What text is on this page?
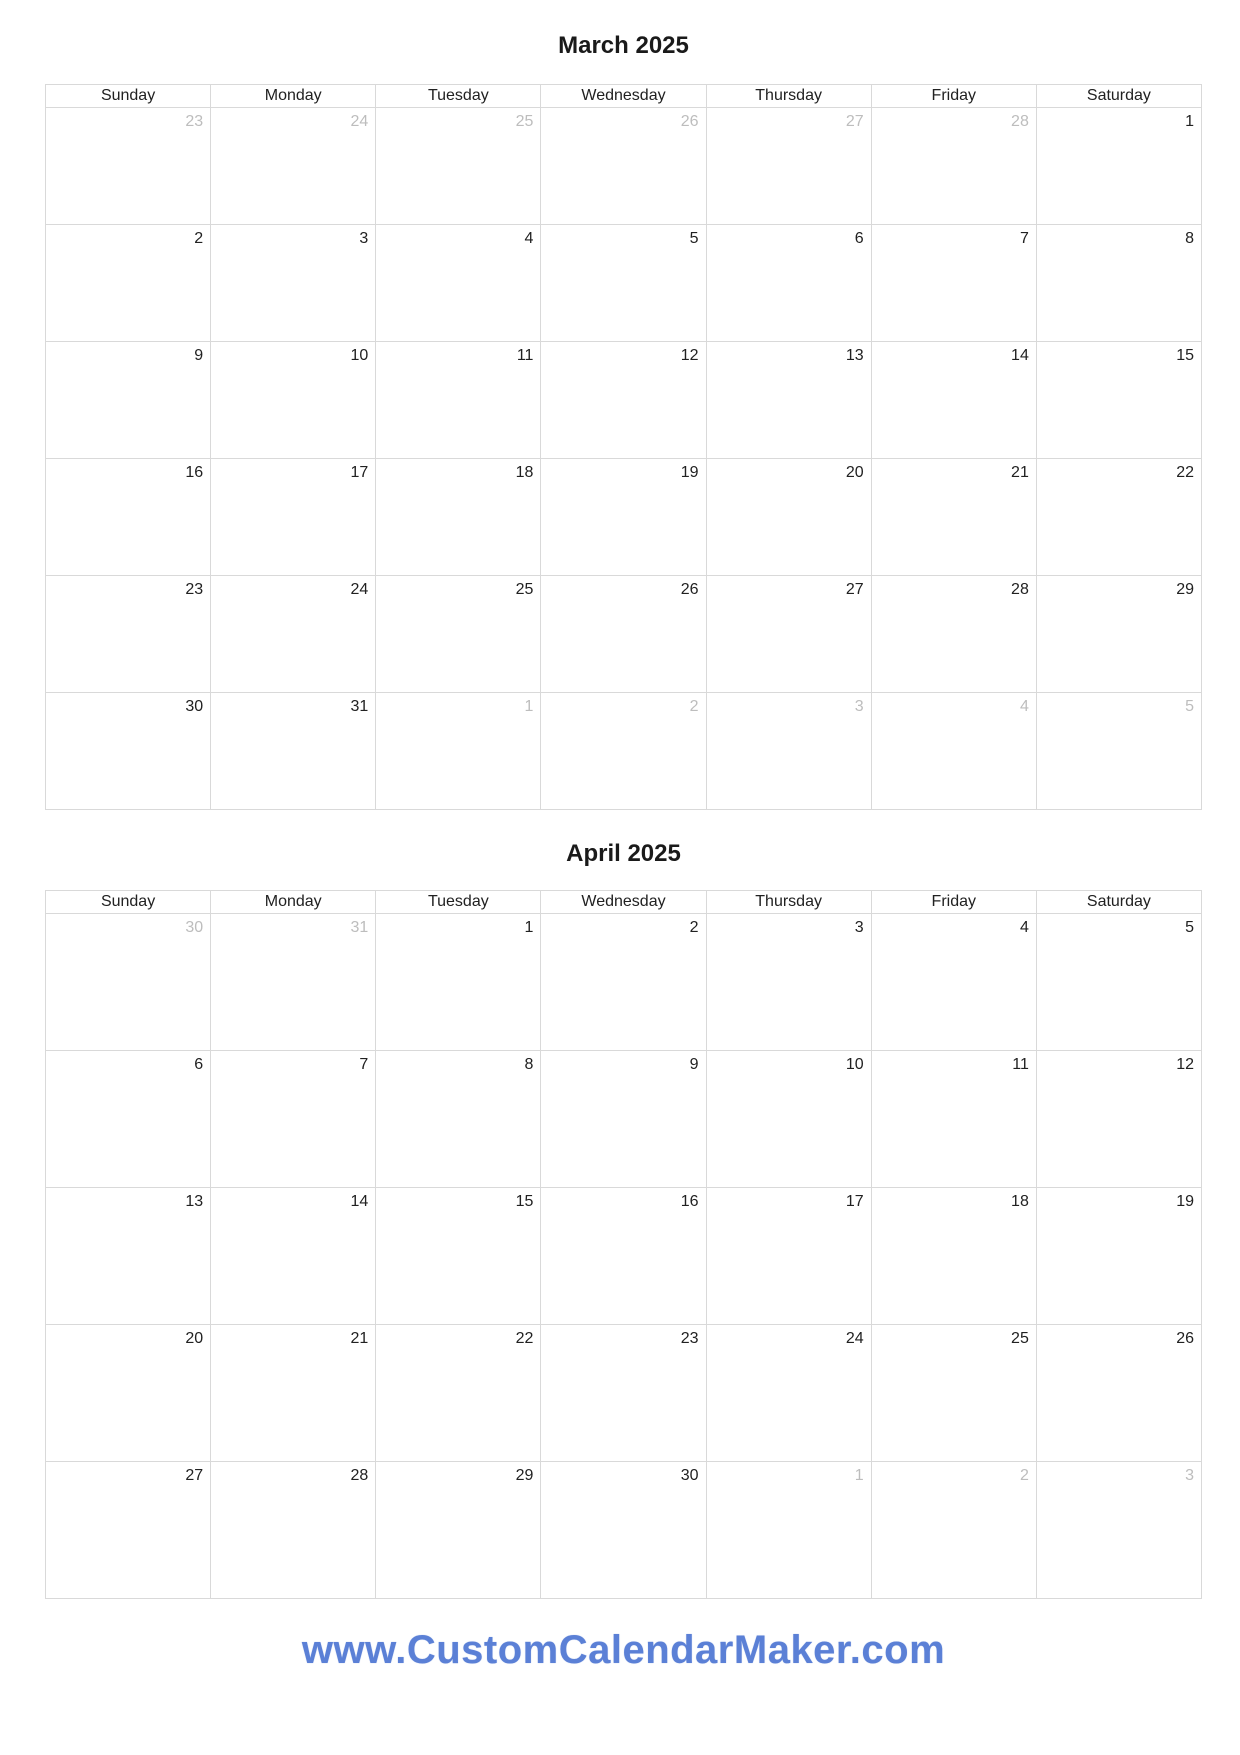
March 2025
Sunday	Monday	Tuesday	Wednesday	Thursday	Friday	Saturday
23	24	25	26	27	28	1
2	3	4	5	6	7	8
9	10	11	12	13	14	15
16	17	18	19	20	21	22
23	24	25	26	27	28	29
30	31	1	2	3	4	5
April 2025
Sunday	Monday	Tuesday	Wednesday	Thursday	Friday	Saturday
30	31	1	2	3	4	5
6	7	8	9	10	11	12
13	14	15	16	17	18	19
20	21	22	23	24	25	26
27	28	29	30	1	2	3
www.CustomCalendarMaker.com
